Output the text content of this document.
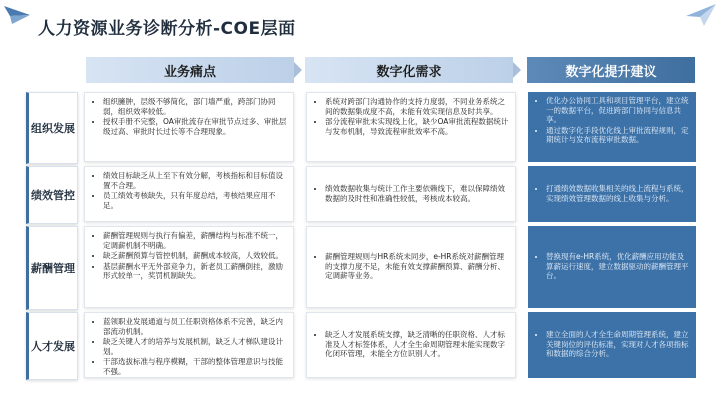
人力资源业务诊断分析-COE层面
业务痛点	数字化需求	数字化提升建议
组织发展
• 组织臃肿，层级不够简化，部门墙严重，跨部门协同弱，组织效率较低。
• 授权手册不完整，OA审批流存在审批节点过多、审批层级过高、审批时长过长等不合理现象。
• 系统对跨部门沟通协作的支持力度弱，不同业务系统之间的数据集成度不高，未能有效实现信息及时共享。
• 部分流程审批未实现线上化，缺少OA审批流程数据统计与发布机制，导致流程审批效率不高。
• 优化办公协同工具和项目管理平台，建立统一的数据平台，促进跨部门协同与信息共享。
• 通过数字化手段优化线上审批流程规则，定期统计与发布流程审批数据。
绩效管控
• 绩效目标缺乏从上至下有效分解，考核指标和目标值设置不合理。
• 员工绩效考核缺失，只有年度总结，考核结果应用不足。
• 绩效数据收集与统计工作主要依赖线下，难以保障绩效数据的及时性和准确性较低，考核成本较高。
• 打通绩效数据收集相关的线上流程与系统，实现绩效管理数据的线上收集与分析。
薪酬管理
• 薪酬管理规则与执行有偏差，薪酬结构与标准不统一，定调薪机制不明确。
• 缺乏薪酬预算与管控机制，薪酬成本较高，人效较低。
• 基层薪酬水平无外部竞争力，新老员工薪酬倒挂，激励形式较单一，奖罚机制缺失。
• 薪酬管理规则与HR系统未同步，e-HR系统对薪酬管理的支撑力度不足，未能有效支撑薪酬预算、薪酬分析、定调薪等业务。
• 替换现有e-HR系统，优化薪酬应用功能及算薪运行速度，建立数据驱动的薪酬管理平台。
人才发展
• 蓝领职业发展通道与员工任职资格体系不完善，缺乏内部流动机制。
• 缺乏关键人才的培养与发展机制，缺乏人才梯队建设计划。
• 干部选拔标准与程序模糊，干部的整体管理意识与技能不强。
• 缺乏人才发展系统支撑，缺乏清晰的任职资格、人才标准及人才标签体系，人才全生命周期管理未能实现数字化闭环管理，未能全方位识别人才。
• 建立全面的人才全生命周期管理系统，建立关键岗位的评估标准，实现对人才各项指标和数据的综合分析。
